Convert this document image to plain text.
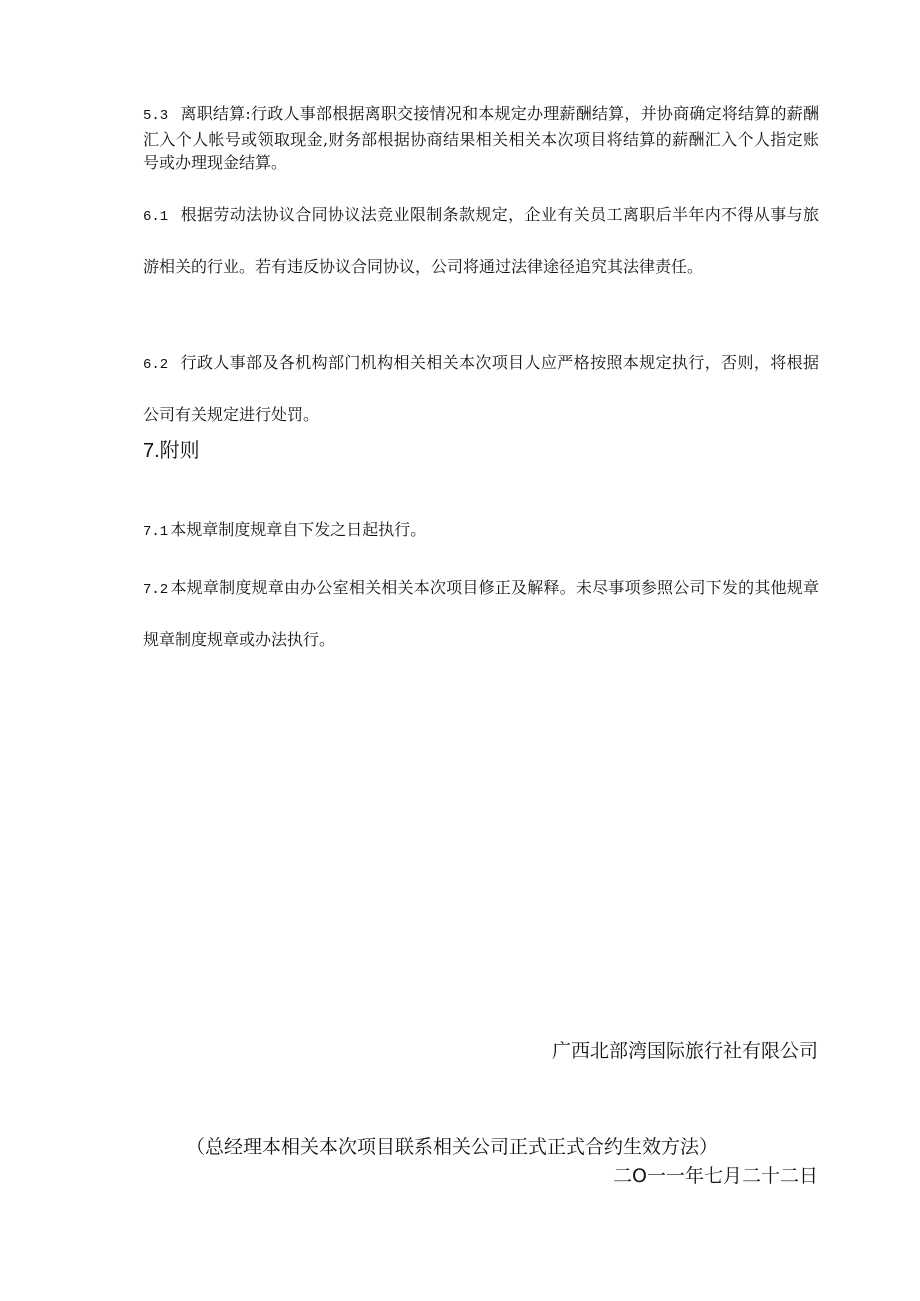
5.3 离职结算:行政人事部根据离职交接情况和本规定办理薪酬结算，并协商确定将结算的薪酬汇入个人帐号或领取现金,财务部根据协商结果相关相关本次项目将结算的薪酬汇入个人指定账号或办理现金结算。
6.1 根据劳动法协议合同协议法竞业限制条款规定，企业有关员工离职后半年内不得从事与旅游相关的行业。若有违反协议合同协议，公司将通过法律途径追究其法律责任。
6.2 行政人事部及各机构部门机构相关相关本次项目人应严格按照本规定执行，否则，将根据公司有关规定进行处罚。
7.附则
7.1 本规章制度规章自下发之日起执行。
7.2 本规章制度规章由办公室相关相关本次项目修正及解释。未尽事项参照公司下发的其他规章规章制度规章或办法执行。
广西北部湾国际旅行社有限公司
（总经理本相关本次项目联系相关公司正式正式合约生效方法）
二O一一年七月二十二日
